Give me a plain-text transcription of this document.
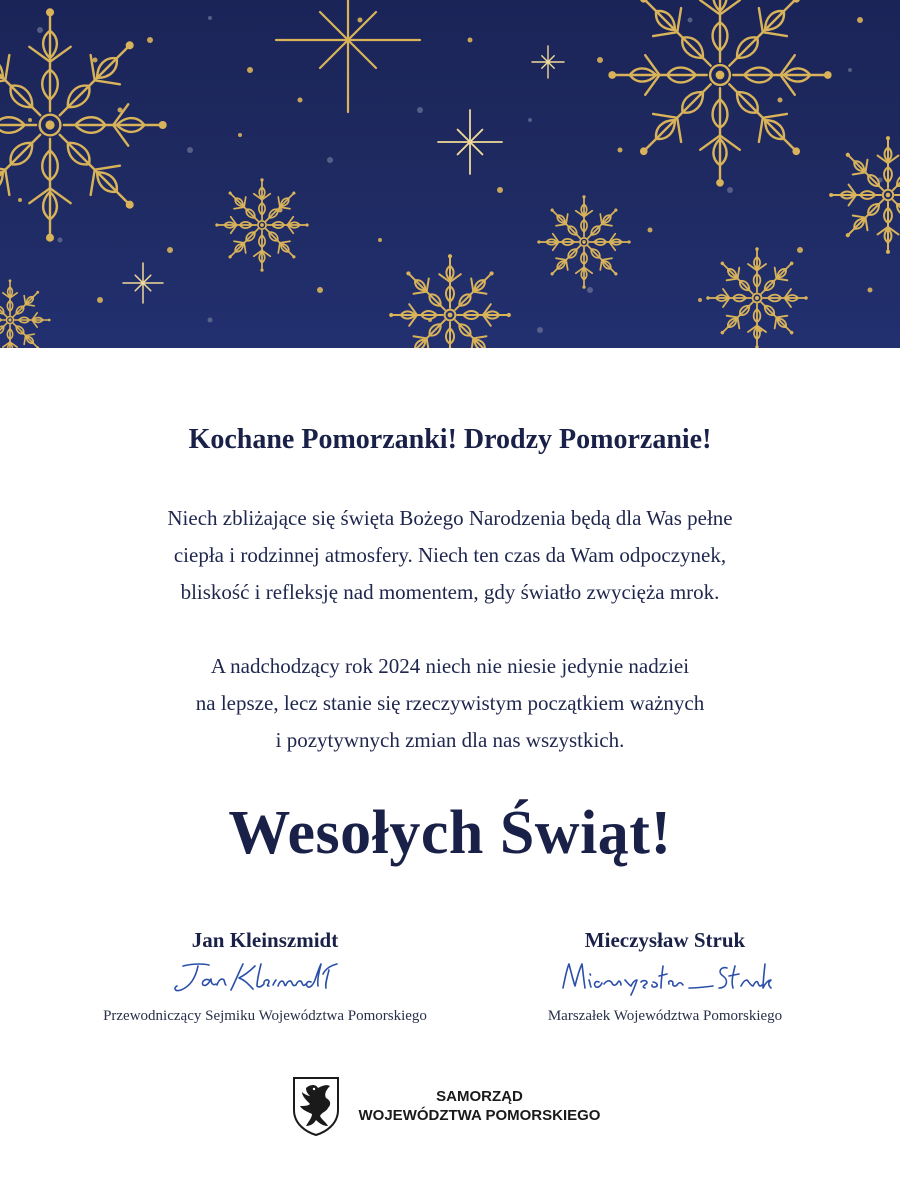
Kochane Pomorzanki! Drodzy Pomorzanie!

Niech zbliżające się święta Bożego Narodzenia będą dla Was pełne
ciepła i rodzinnej atmosfery. Niech ten czas da Wam odpoczynek,
bliskość i refleksję nad momentem, gdy światło zwycięża mrok.

A nadchodzący rok 2024 niech nie niesie jedynie nadziei
na lepsze, lecz stanie się rzeczywistym początkiem ważnych
i pozytywnych zmian dla nas wszystkich.

Wesołych Świąt!
Jan Kleinszmidt
Przewodniczący Sejmiku Województwa Pomorskiego
Mieczysław Struk
Marszałek Województwa Pomorskiego
SAMORZĄD
WOJEWÓDZTWA POMORSKIEGO
